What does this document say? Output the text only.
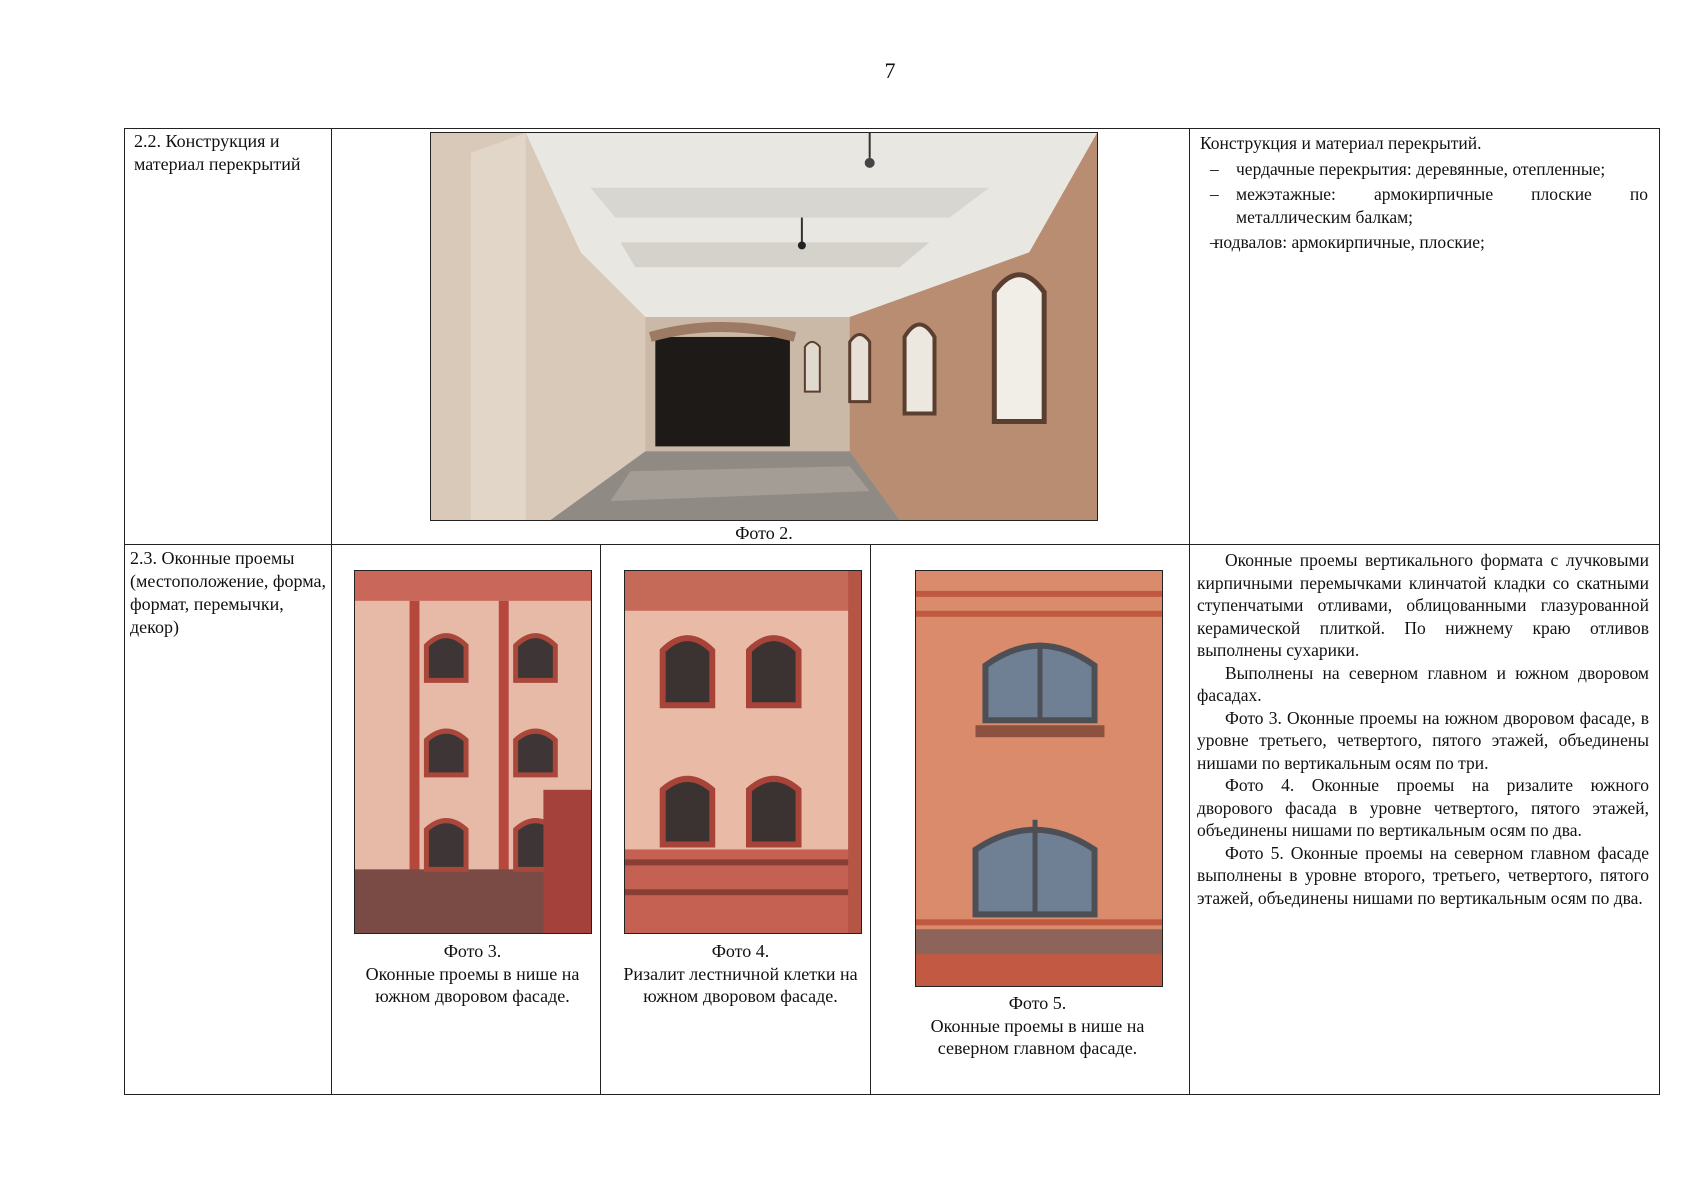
7
2.2. Конструкция и материал перекрытий
Фото 2.
Конструкция и материал перекрытий.
– чердачные перекрытия: деревянные, отепленные;
– межэтажные: армокирпичные плоские по металлическим балкам;
– подвалов: армокирпичные, плоские;
2.3. Оконные проемы (местоположение, форма, формат, перемычки, декор)
Фото 3.
Оконные проемы в нише на южном дворовом фасаде.
Фото 4.
Ризалит лестничной клетки на южном дворовом фасаде.	Фото 5.
Оконные проемы в нише на северном главном фасаде.

Оконные проемы вертикального формата с лучковыми кирпичными перемычками клинчатой кладки со скатными ступенчатыми отливами, облицованными глазурованной керамической плиткой. По нижнему краю отливов выполнены сухарики.

Выполнены на северном главном и южном дворовом фасадах.

Фото 3. Оконные проемы на южном дворовом фасаде, в уровне третьего, четвертого, пятого этажей, объединены нишами по вертикальным осям по три.

Фото 4. Оконные проемы на ризалите южного дворового фасада в уровне четвертого, пятого этажей, объединены нишами по вертикальным осям по два.

Фото 5. Оконные проемы на северном главном фасаде выполнены в уровне второго, третьего, четвертого, пятого этажей, объединены нишами по вертикальным осям по два.
